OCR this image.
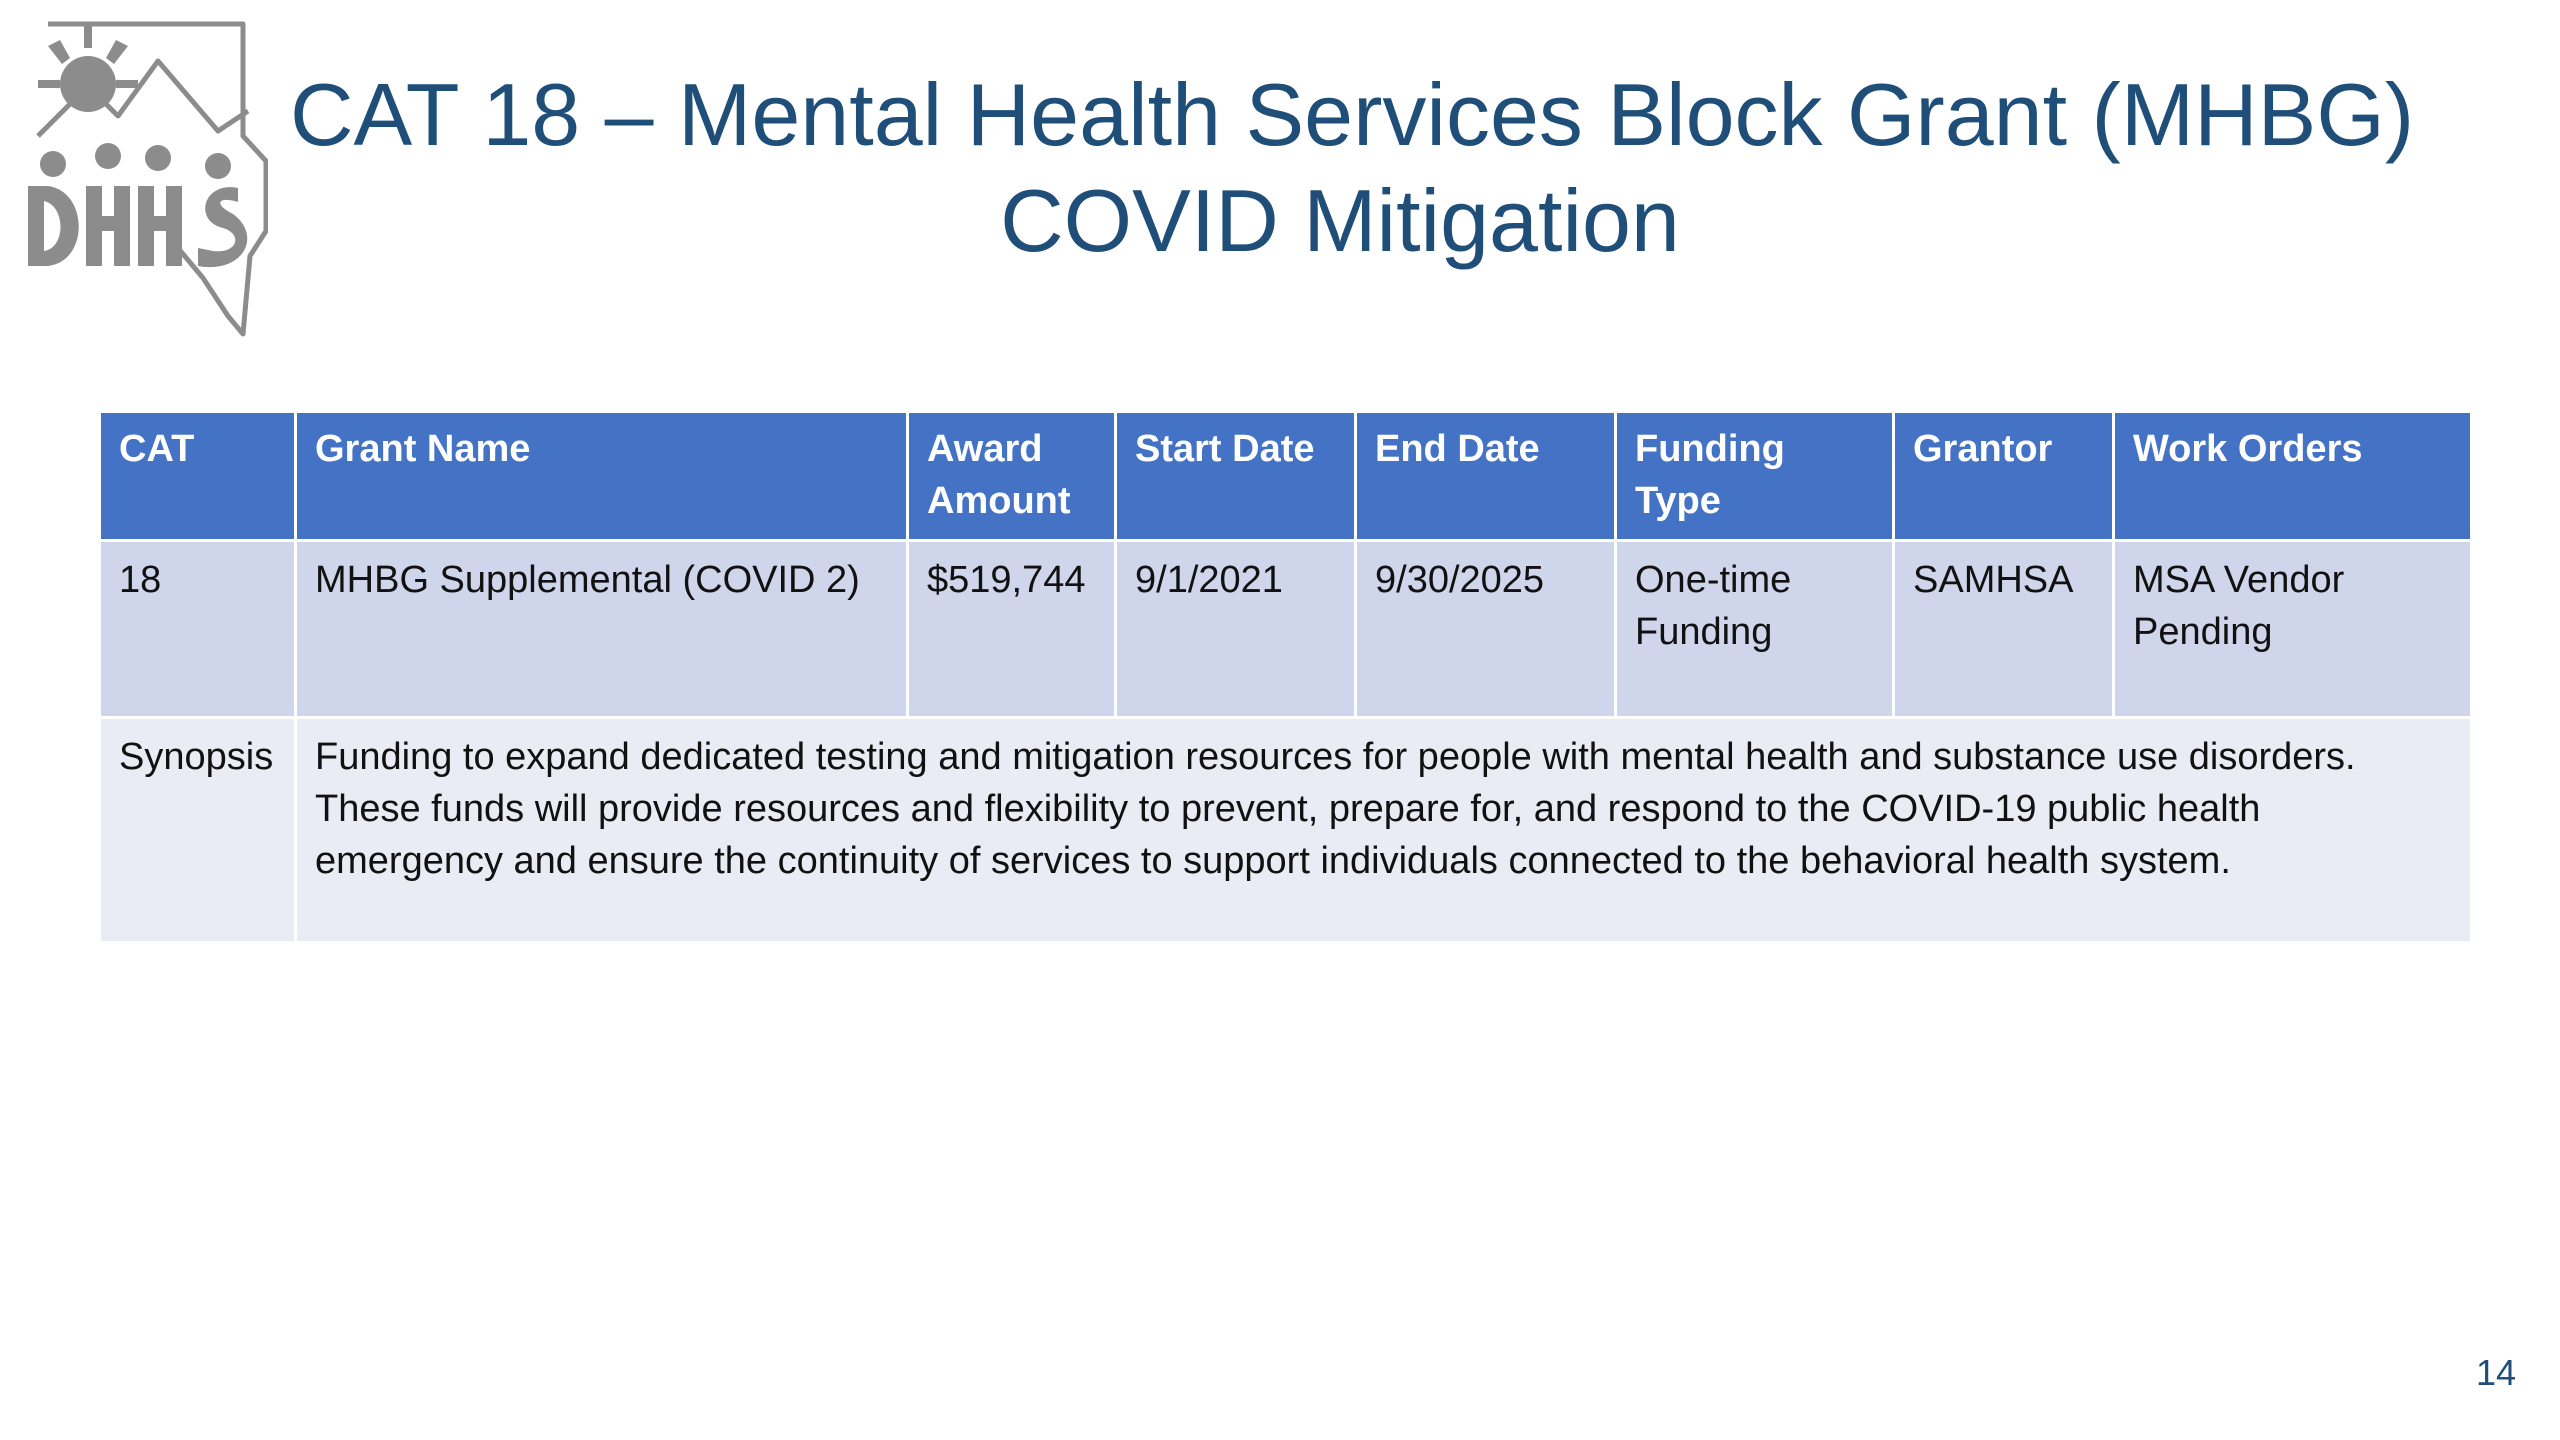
CAT 18 – Mental Health Services Block Grant (MHBG)
COVID Mitigation
CAT	Grant Name	Award Amount	Start Date	End Date	Funding Type	Grantor	Work Orders
18	MHBG Supplemental (COVID 2)	$519,744	9/1/2021	9/30/2025	One-time Funding	SAMHSA	MSA Vendor Pending
Synopsis	Funding to expand dedicated testing and mitigation resources for people with mental health and substance use disorders. These funds will provide resources and flexibility to prevent, prepare for, and respond to the COVID-19 public health emergency and ensure the continuity of services to support individuals connected to the behavioral health system.						
14
